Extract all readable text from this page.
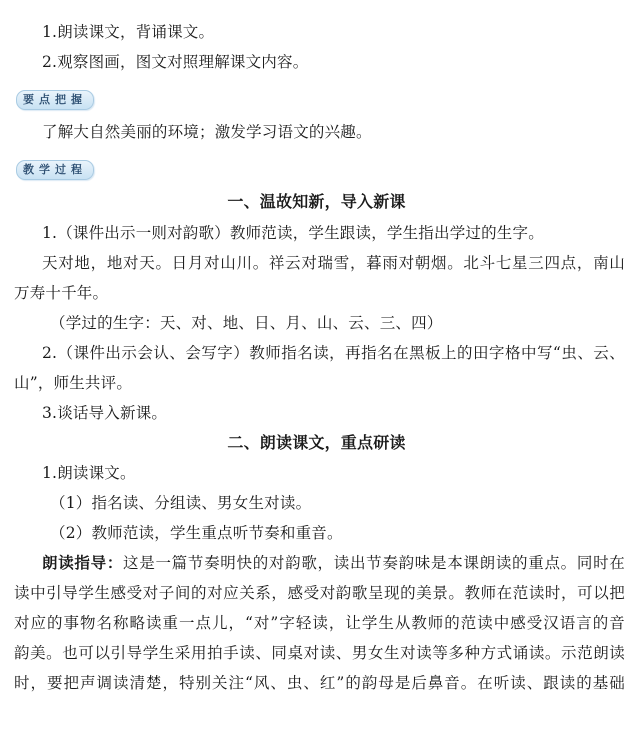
1.朗读课文，背诵课文。
2.观察图画，图文对照理解课文内容。
要点把握
了解大自然美丽的环境；激发学习语文的兴趣。
教学过程
一、温故知新，导入新课
1.（课件出示一则对韵歌）教师范读，学生跟读，学生指出学过的生字。
天对地，地对天。日月对山川。祥云对瑞雪，暮雨对朝烟。北斗七星三四点，南山
万寿十千年。
（学过的生字：天、对、地、日、月、山、云、三、四）
2.（课件出示会认、会写字）教师指名读，再指名在黑板上的田字格中写“虫、云、
山”，师生共评。
3.谈话导入新课。
二、朗读课文，重点研读
1.朗读课文。
（1）指名读、分组读、男女生对读。
（2）教师范读，学生重点听节奏和重音。
朗读指导：这是一篇节奏明快的对韵歌，读出节奏韵味是本课朗读的重点。同时在
读中引导学生感受对子间的对应关系，感受对韵歌呈现的美景。教师在范读时，可以把
对应的事物名称略读重一点儿，“对”字轻读，让学生从教师的范读中感受汉语言的音
韵美。也可以引导学生采用拍手读、同桌对读、男女生对读等多种方式诵读。示范朗读
时，要把声调读清楚，特别关注“风、虫、红”的韵母是后鼻音。在听读、跟读的基础
